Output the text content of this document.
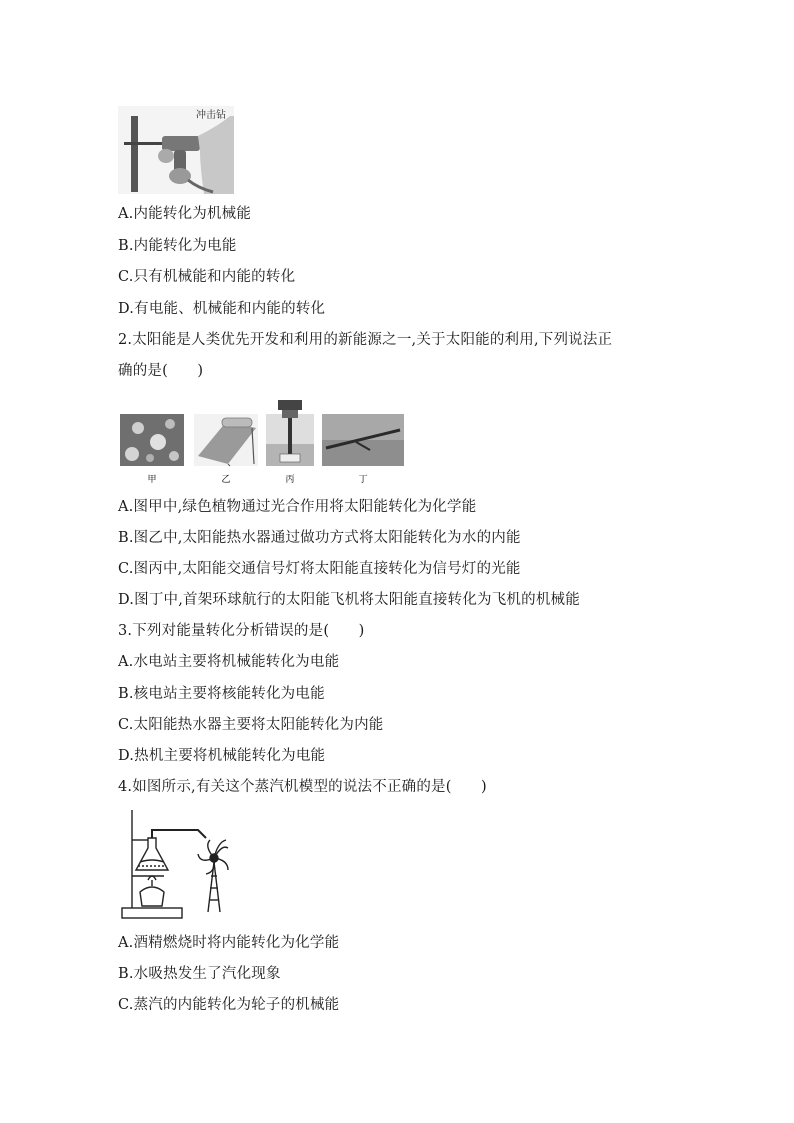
冲击钻
A.内能转化为机械能
B.内能转化为电能
C.只有机械能和内能的转化
D.有电能、机械能和内能的转化
2.太阳能是人类优先开发和利用的新能源之一,关于太阳能的利用,下列说法正
确的是(　　)
甲	乙	丙	丁
A.图甲中,绿色植物通过光合作用将太阳能转化为化学能
B.图乙中,太阳能热水器通过做功方式将太阳能转化为水的内能
C.图丙中,太阳能交通信号灯将太阳能直接转化为信号灯的光能
D.图丁中,首架环球航行的太阳能飞机将太阳能直接转化为飞机的机械能
3.下列对能量转化分析错误的是(　　)
A.水电站主要将机械能转化为电能
B.核电站主要将核能转化为电能
C.太阳能热水器主要将太阳能转化为内能
D.热机主要将机械能转化为电能
4.如图所示,有关这个蒸汽机模型的说法不正确的是(　　)
A.酒精燃烧时将内能转化为化学能
B.水吸热发生了汽化现象
C.蒸汽的内能转化为轮子的机械能
